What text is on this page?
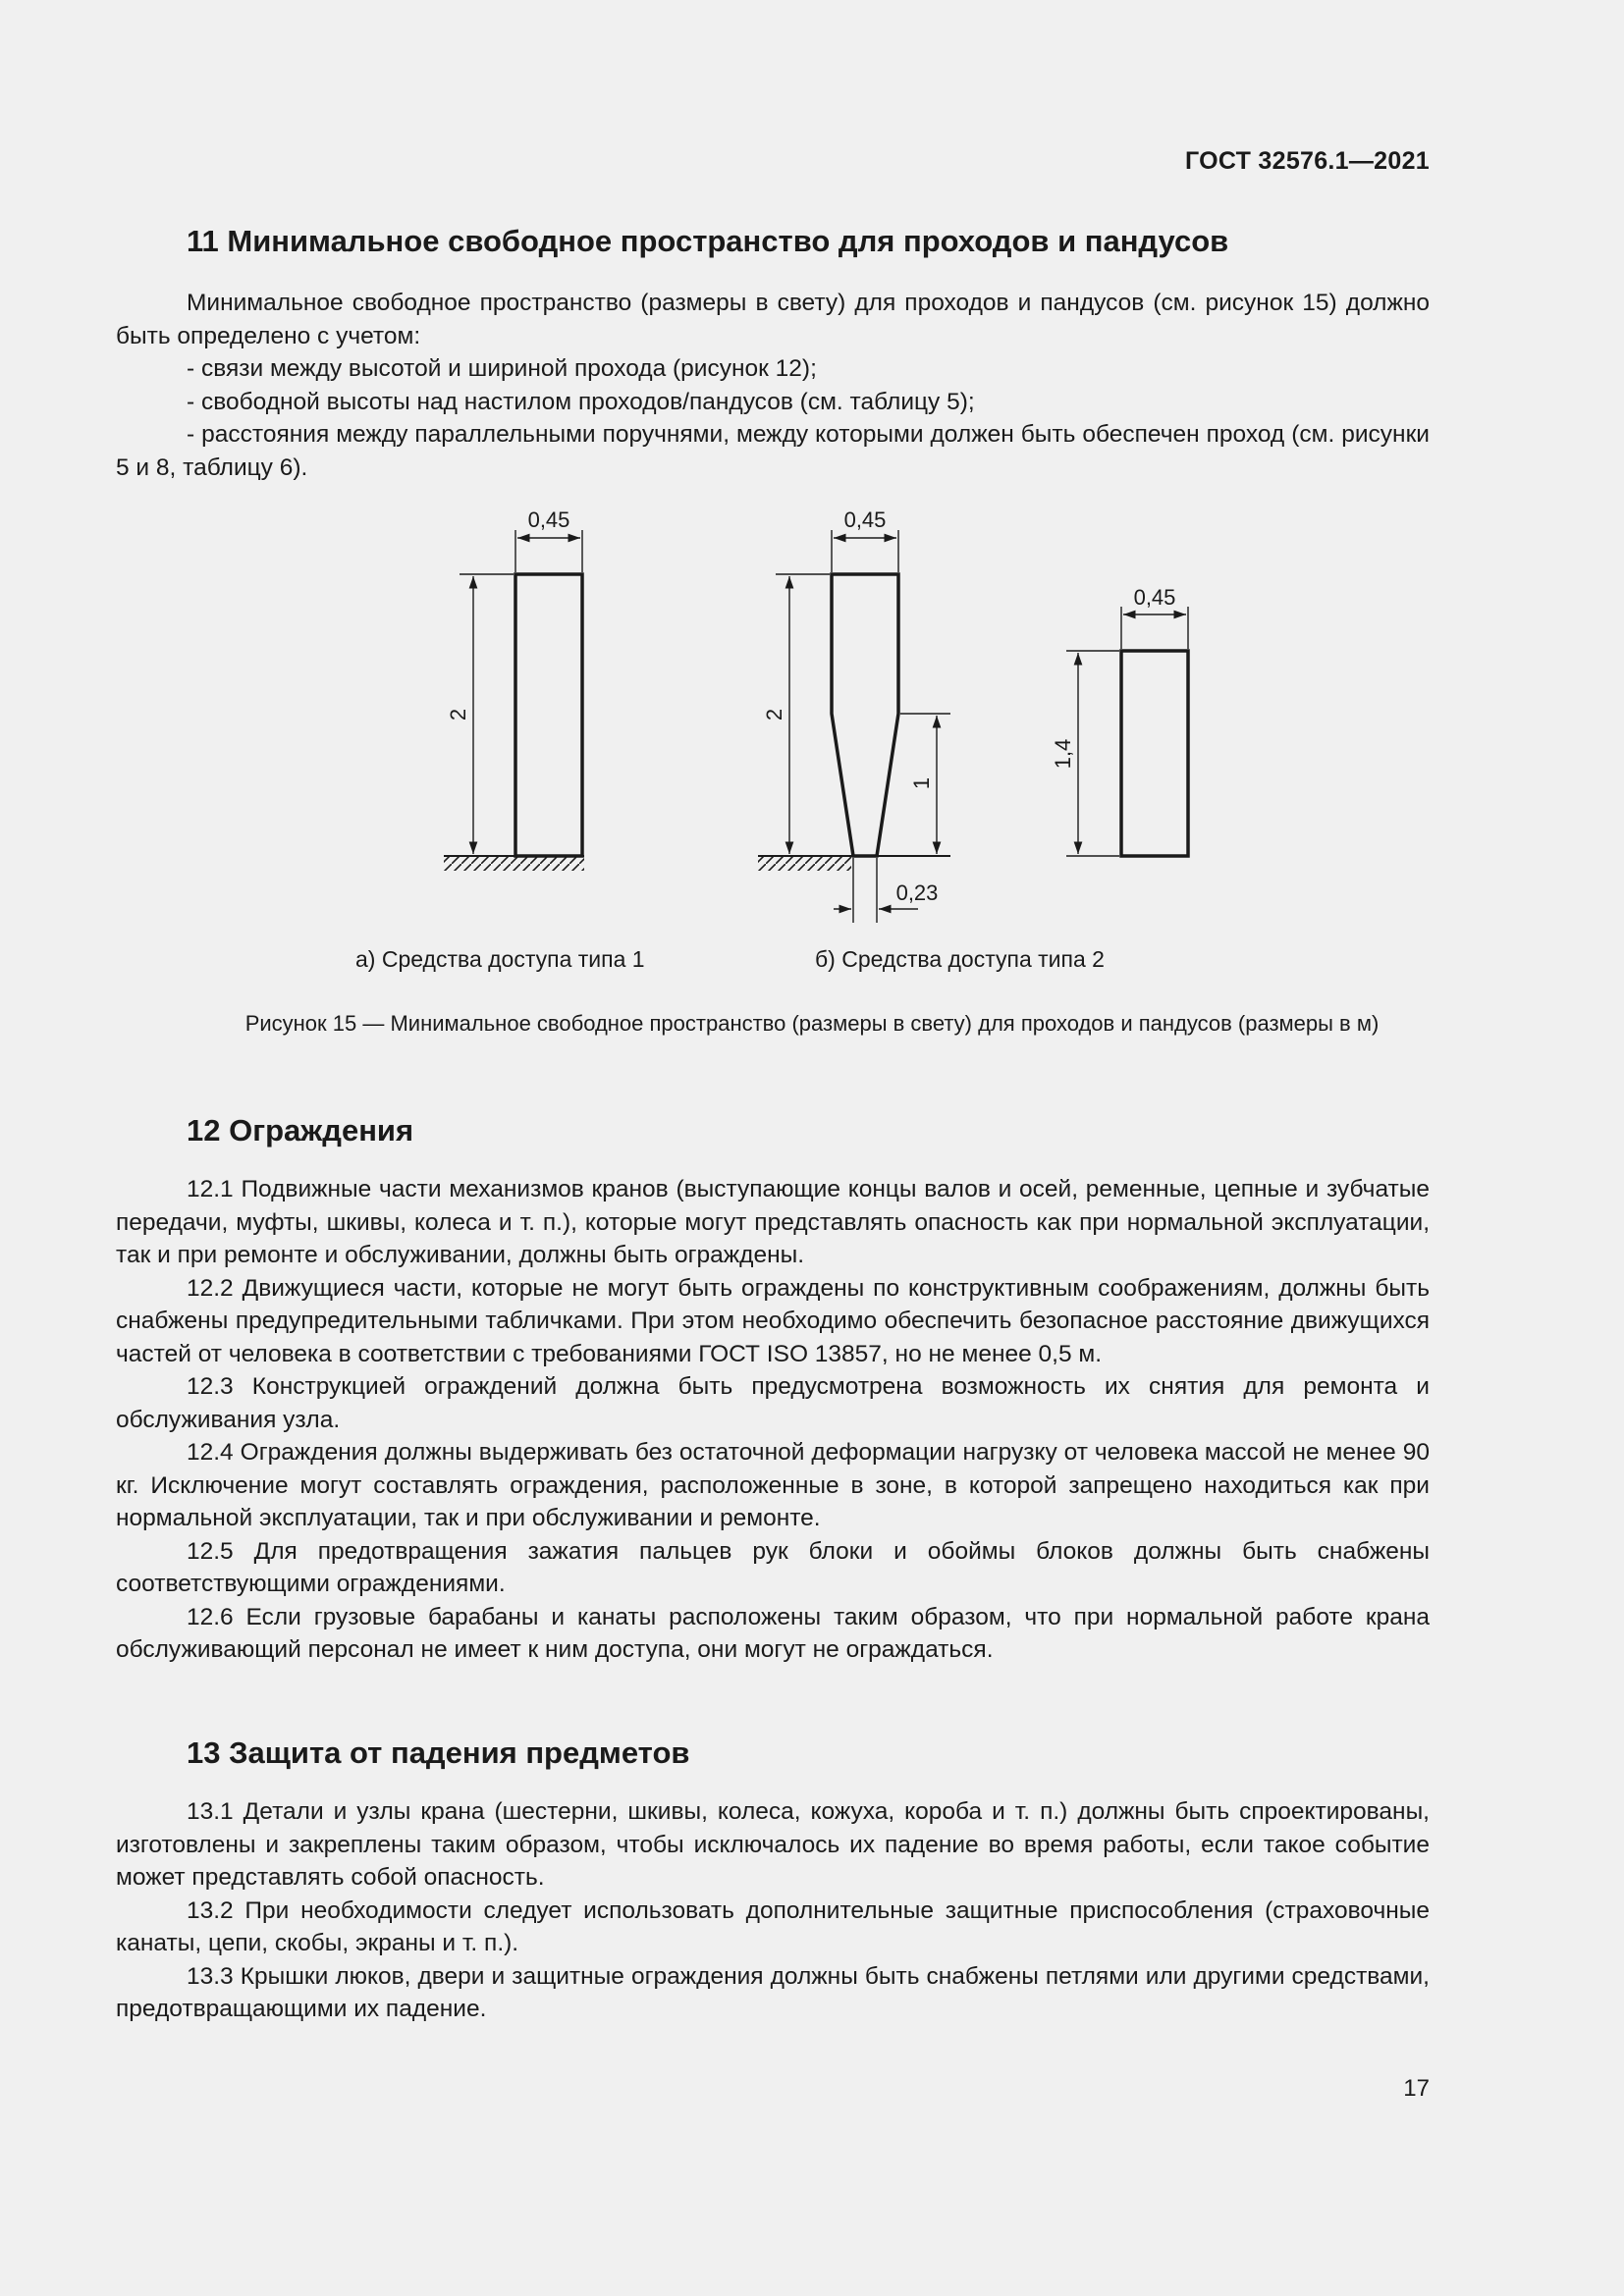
ГОСТ 32576.1—2021
11 Минимальное свободное пространство для проходов и пандусов

Минимальное свободное пространство (размеры в свету) для проходов и пандусов (см. рисунок 15) должно быть определено с учетом:

- связи между высотой и шириной прохода (рисунок 12);

- свободной высоты над настилом проходов/пандусов (см. таблицу 5);

- расстояния между параллельными поручнями, между которыми должен быть обеспечен проход (см. рисунки 5 и 8, таблицу 6).

0,45
2
0,45
2
1
0,23
0,45
1,4
а) Средства доступа типа 1	б) Средства доступа типа 2
Рисунок 15 — Минимальное свободное пространство (размеры в свету) для проходов и пандусов (размеры в м)
12 Ограждения

12.1 Подвижные части механизмов кранов (выступающие концы валов и осей, ременные, цепные и зубчатые передачи, муфты, шкивы, колеса и т. п.), которые могут представлять опасность как при нормальной эксплуатации, так и при ремонте и обслуживании, должны быть ограждены.

12.2 Движущиеся части, которые не могут быть ограждены по конструктивным соображениям, должны быть снабжены предупредительными табличками. При этом необходимо обеспечить безопасное расстояние движущихся частей от человека в соответствии с требованиями ГОСТ ISO 13857, но не менее 0,5 м.

12.3 Конструкцией ограждений должна быть предусмотрена возможность их снятия для ремонта и обслуживания узла.

12.4 Ограждения должны выдерживать без остаточной деформации нагрузку от человека массой не менее 90 кг. Исключение могут составлять ограждения, расположенные в зоне, в которой запрещено находиться как при нормальной эксплуатации, так и при обслуживании и ремонте.

12.5 Для предотвращения зажатия пальцев рук блоки и обоймы блоков должны быть снабжены соответствующими ограждениями.

12.6 Если грузовые барабаны и канаты расположены таким образом, что при нормальной работе крана обслуживающий персонал не имеет к ним доступа, они могут не ограждаться.

13 Защита от падения предметов

13.1 Детали и узлы крана (шестерни, шкивы, колеса, кожуха, короба и т. п.) должны быть спроектированы, изготовлены и закреплены таким образом, чтобы исключалось их падение во время работы, если такое событие может представлять собой опасность.

13.2 При необходимости следует использовать дополнительные защитные приспособления (страховочные канаты, цепи, скобы, экраны и т. п.).

13.3 Крышки люков, двери и защитные ограждения должны быть снабжены петлями или другими средствами, предотвращающими их падение.

17
